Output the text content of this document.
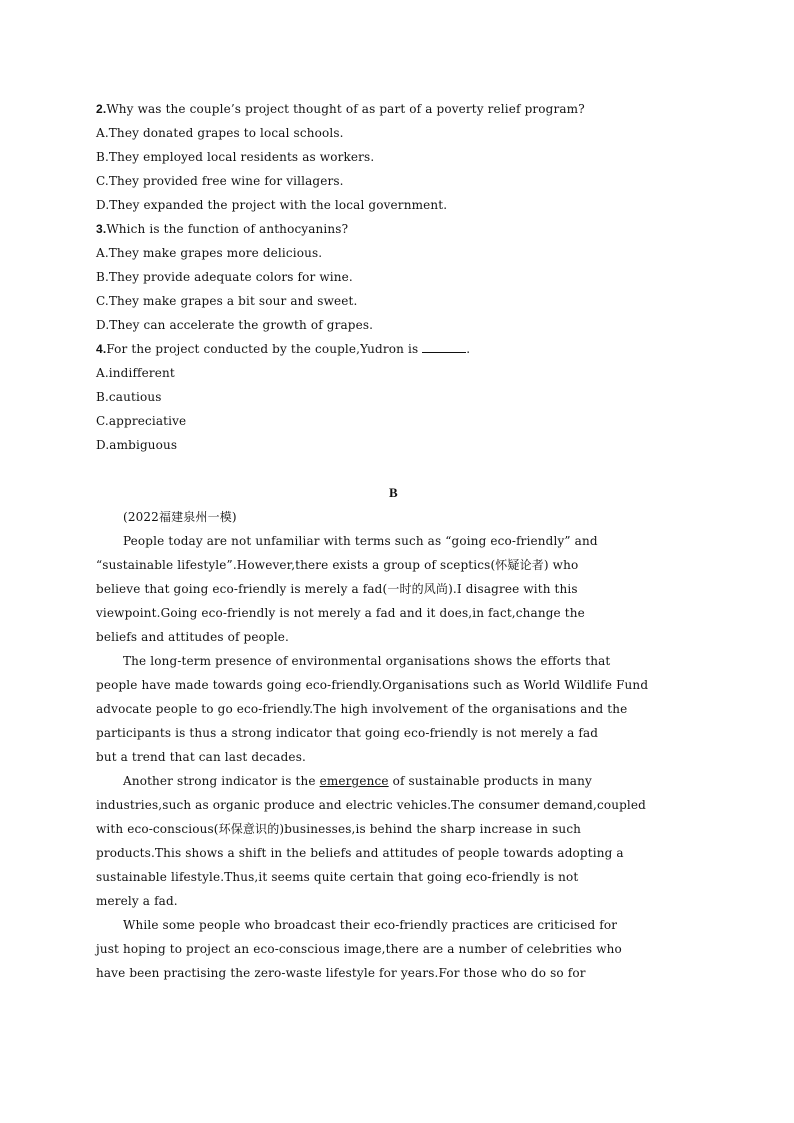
2.Why was the couple’s project thought of as part of a poverty relief program?
A.They donated grapes to local schools.
B.They employed local residents as workers.
C.They provided free wine for villagers.
D.They expanded the project with the local government.
3.Which is the function of anthocyanins?
A.They make grapes more delicious.
B.They provide adequate colors for wine.
C.They make grapes a bit sour and sweet.
D.They can accelerate the growth of grapes.
4.For the project conducted by the couple,Yudron is	.
A.indifferent
B.cautious
C.appreciative
D.ambiguous
B
(2022福建泉州一模)
People today are not unfamiliar with terms such as “going eco-friendly” and
“sustainable lifestyle”.However,there exists a group of sceptics(怀疑论者) who
believe that going eco-friendly is merely a fad(一时的风尚).I disagree with this
viewpoint.Going eco-friendly is not merely a fad and it does,in fact,change the
beliefs and attitudes of people.
The long-term presence of environmental organisations shows the efforts that
people have made towards going eco-friendly.Organisations such as World Wildlife Fund
advocate people to go eco-friendly.The high involvement of the organisations and the
participants is thus a strong indicator that going eco-friendly is not merely a fad
but a trend that can last decades.
Another strong indicator is the emergence of sustainable products in many
industries,such as organic produce and electric vehicles.The consumer demand,coupled
with eco-conscious(环保意识的)businesses,is behind the sharp increase in such
products.This shows a shift in the beliefs and attitudes of people towards adopting a
sustainable lifestyle.Thus,it seems quite certain that going eco-friendly is not
merely a fad.
While some people who broadcast their eco-friendly practices are criticised for
just hoping to project an eco-conscious image,there are a number of celebrities who
have been practising the zero-waste lifestyle for years.For those who do so for
